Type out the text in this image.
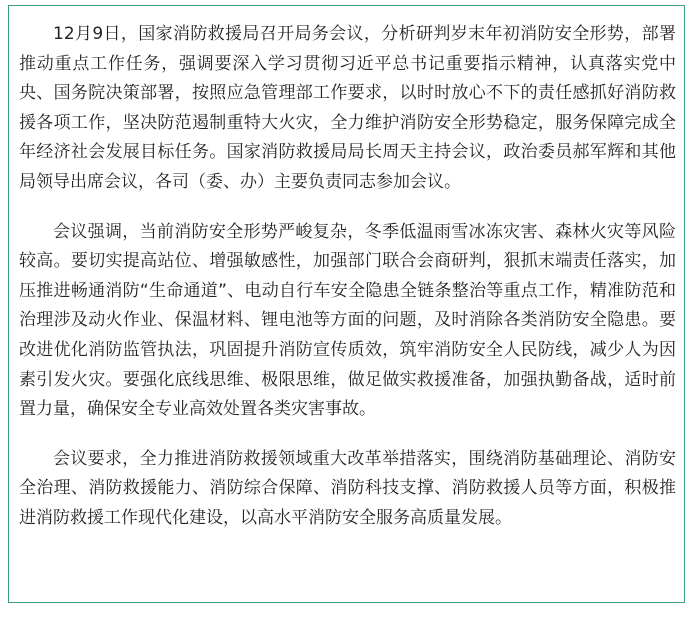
12月9日，国家消防救援局召开局务会议，分析研判岁末年初消防安全形势，部署推动重点工作任务，强调要深入学习贯彻习近平总书记重要指示精神，认真落实党中央、国务院决策部署，按照应急管理部工作要求，以时时放心不下的责任感抓好消防救援各项工作，坚决防范遏制重特大火灾，全力维护消防安全形势稳定，服务保障完成全年经济社会发展目标任务。国家消防救援局局长周天主持会议，政治委员郝军辉和其他局领导出席会议，各司（委、办）主要负责同志参加会议。

会议强调，当前消防安全形势严峻复杂，冬季低温雨雪冰冻灾害、森林火灾等风险较高。要切实提高站位、增强敏感性，加强部门联合会商研判，狠抓末端责任落实，加压推进畅通消防“生命通道”、电动自行车安全隐患全链条整治等重点工作，精准防范和治理涉及动火作业、保温材料、锂电池等方面的问题，及时消除各类消防安全隐患。要改进优化消防监管执法，巩固提升消防宣传质效，筑牢消防安全人民防线，减少人为因素引发火灾。要强化底线思维、极限思维，做足做实救援准备，加强执勤备战，适时前置力量，确保安全专业高效处置各类灾害事故。

会议要求，全力推进消防救援领域重大改革举措落实，围绕消防基础理论、消防安全治理、消防救援能力、消防综合保障、消防科技支撑、消防救援人员等方面，积极推进消防救援工作现代化建设，以高水平消防安全服务高质量发展。
